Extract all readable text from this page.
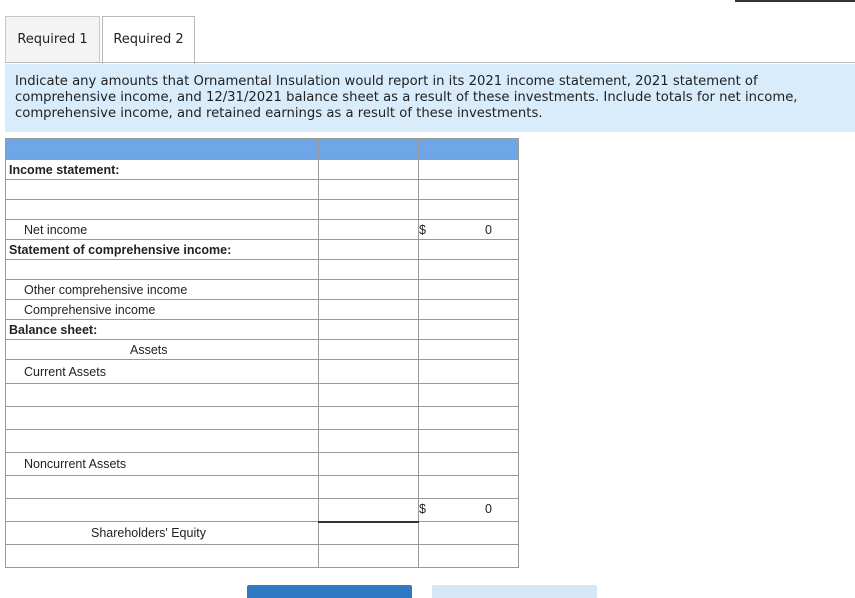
Required 1	Required 2
Indicate any amounts that Ornamental Insulation would report in its 2021 income statement, 2021 statement of comprehensive income, and 12/31/2021 balance sheet as a result of these investments. Include totals for net income, comprehensive income, and retained earnings as a result of these investments.

Income statement:		

Net income		$ 0

Statement of comprehensive income:		

Other comprehensive income		

Comprehensive income		

Balance sheet:		

Assets		

Current Assets		

Noncurrent Assets		

		$ 0

Shareholders' Equity		
